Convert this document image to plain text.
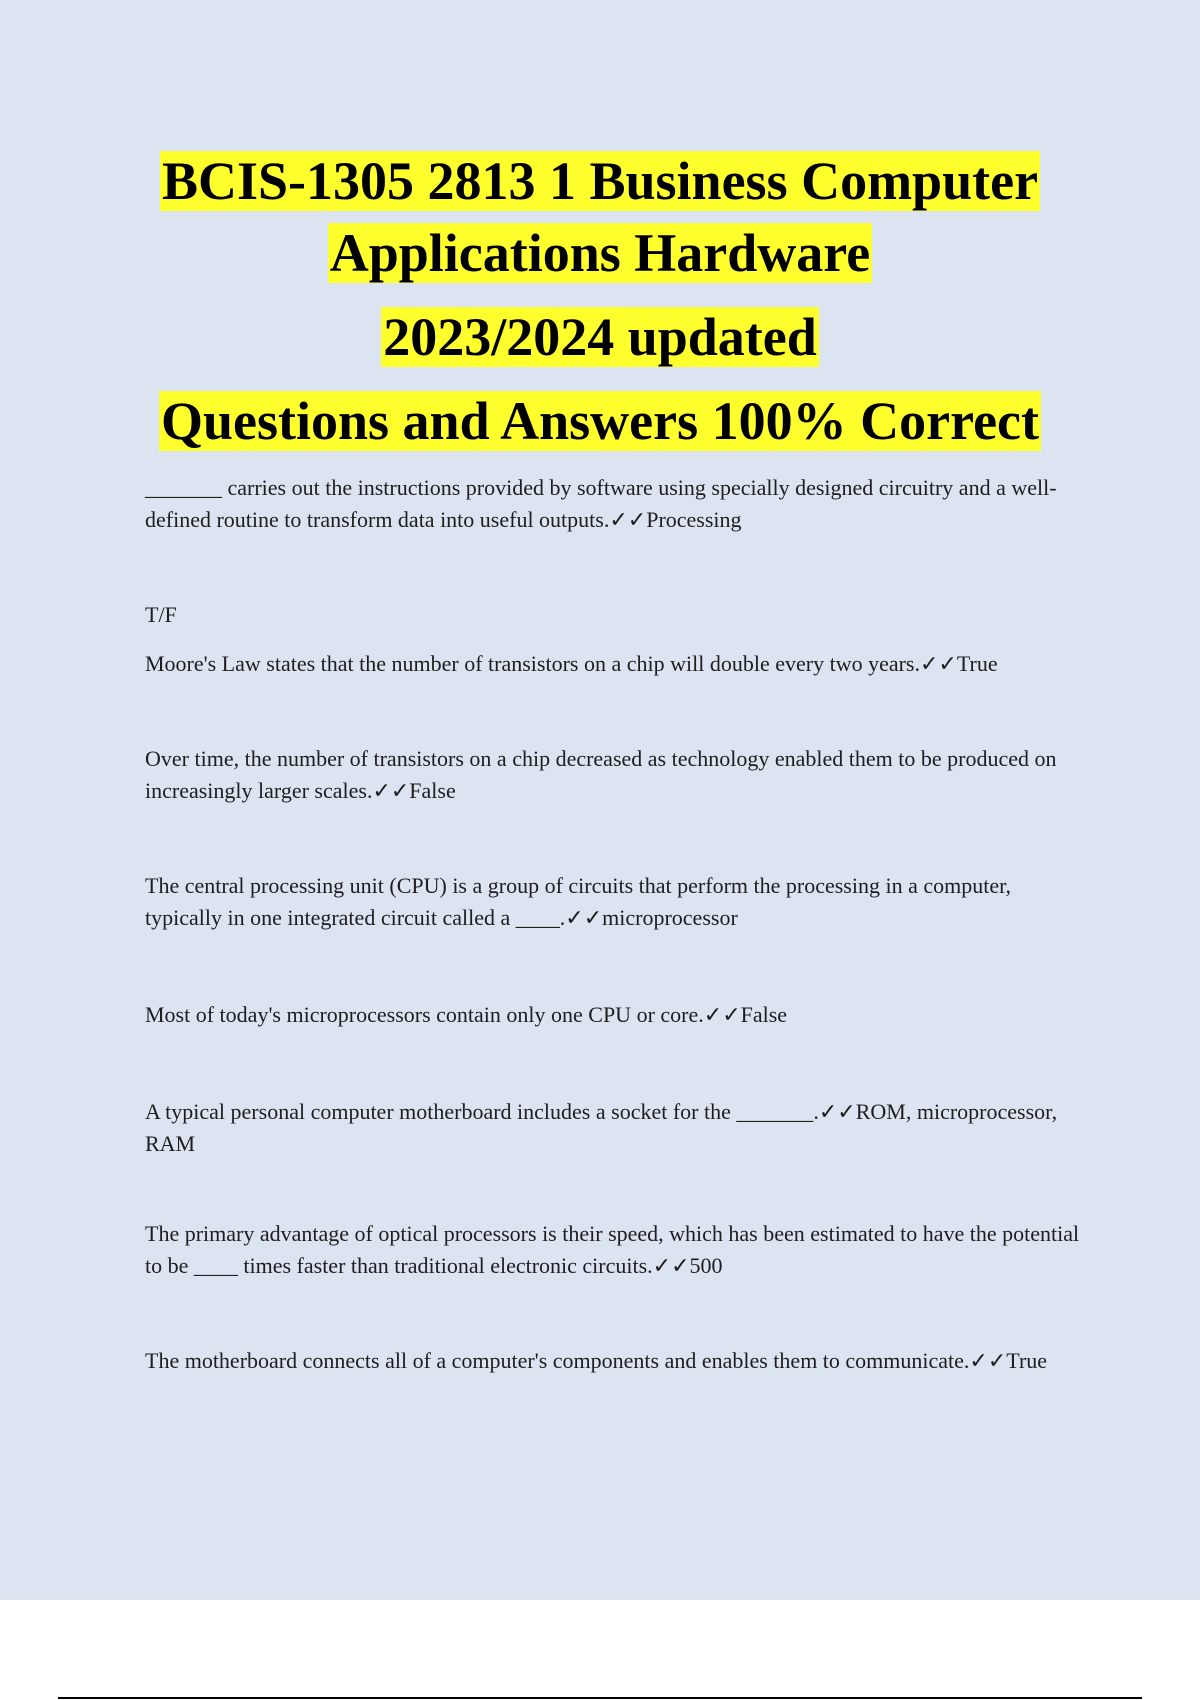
BCIS-1305 2813 1 Business Computer
Applications Hardware
2023/2024 updated
Questions and Answers 100% Correct

_______ carries out the instructions provided by software using specially designed circuitry and a well-defined routine to transform data into useful outputs.✓✓Processing

T/F

Moore's Law states that the number of transistors on a chip will double every two years.✓✓True

Over time, the number of transistors on a chip decreased as technology enabled them to be produced on increasingly larger scales.✓✓False

The central processing unit (CPU) is a group of circuits that perform the processing in a computer, typically in one integrated circuit called a ____.✓✓microprocessor

Most of today's microprocessors contain only one CPU or core.✓✓False

A typical personal computer motherboard includes a socket for the _______.✓✓ROM, microprocessor, RAM

The primary advantage of optical processors is their speed, which has been estimated to have the potential to be ____ times faster than traditional electronic circuits.✓✓500

The motherboard connects all of a computer's components and enables them to communicate.✓✓True
